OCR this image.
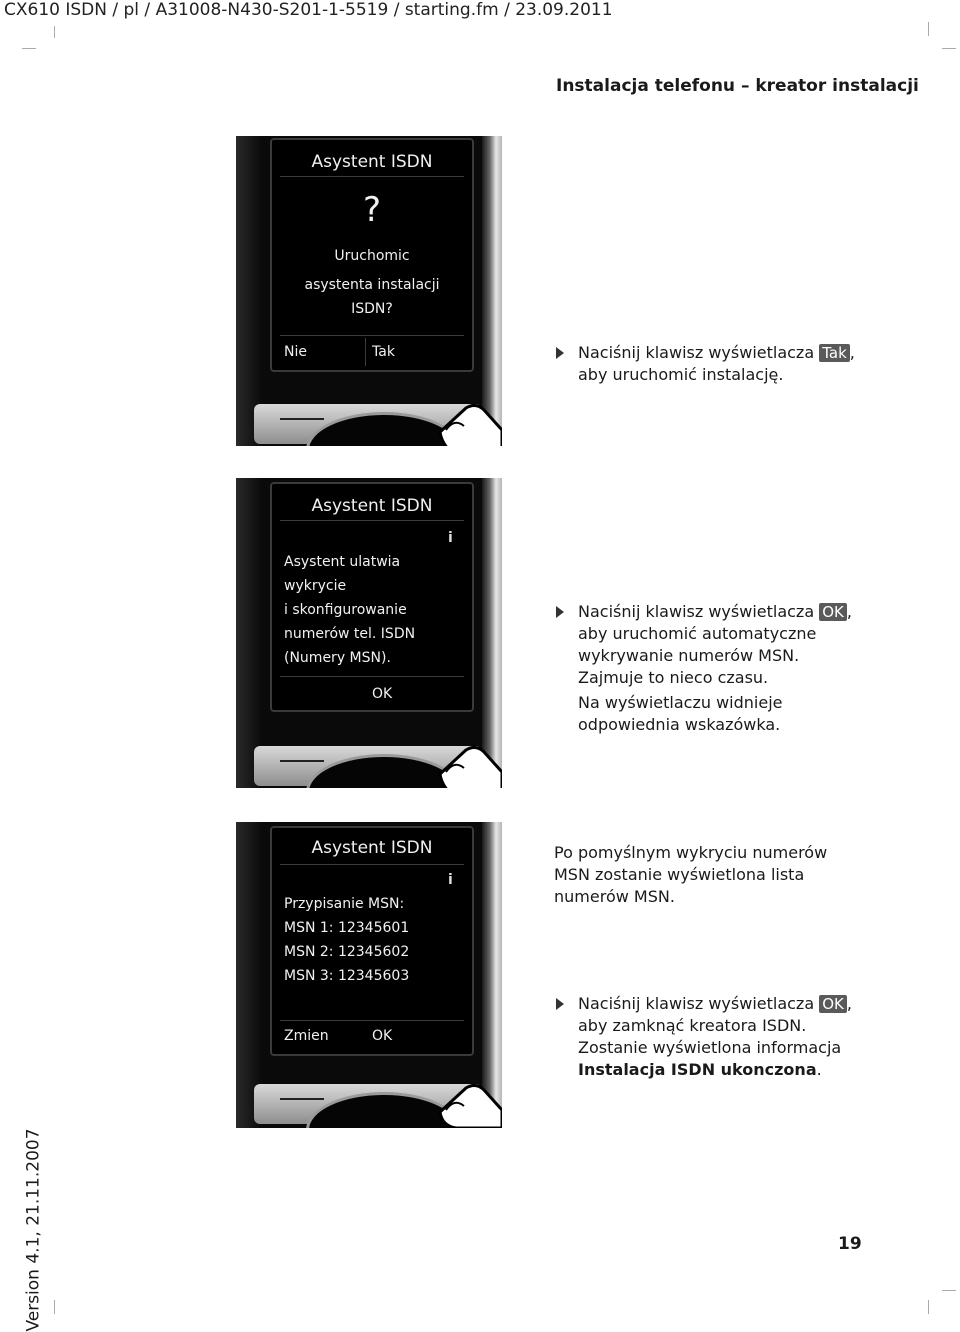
CX610 ISDN / pl / A31008-N430-S201-1-5519 / starting.fm / 23.09.2011
Instalacja telefonu – kreator instalacji
Asystent ISDN
?
Uruchomic
asystenta instalacji
ISDN?
Nie	Tak
Asystent ISDN
Asystent ulatwia
wykrycie
i skonfigurowanie
numerów tel. ISDN
(Numery MSN).
OK
i
Asystent ISDN
Przypisanie MSN:
MSN 1: 12345601
MSN 2: 12345602
MSN 3: 12345603
Zmien	OK
i
Naciśnij klawisz wyświetlacza Tak ,
aby uruchomić instalację.
Naciśnij klawisz wyświetlacza OK ,
aby uruchomić automatyczne
wykrywanie numerów MSN.
Zajmuje to nieco czasu.
Na wyświetlaczu widnieje
odpowiednia wskazówka.
Po pomyślnym wykryciu numerów
MSN zostanie wyświetlona lista
numerów MSN.
Naciśnij klawisz wyświetlacza OK ,
aby zamknąć kreatora ISDN.
Zostanie wyświetlona informacja
Instalacja ISDN ukonczona.
19
Version 4.1, 21.11.2007
